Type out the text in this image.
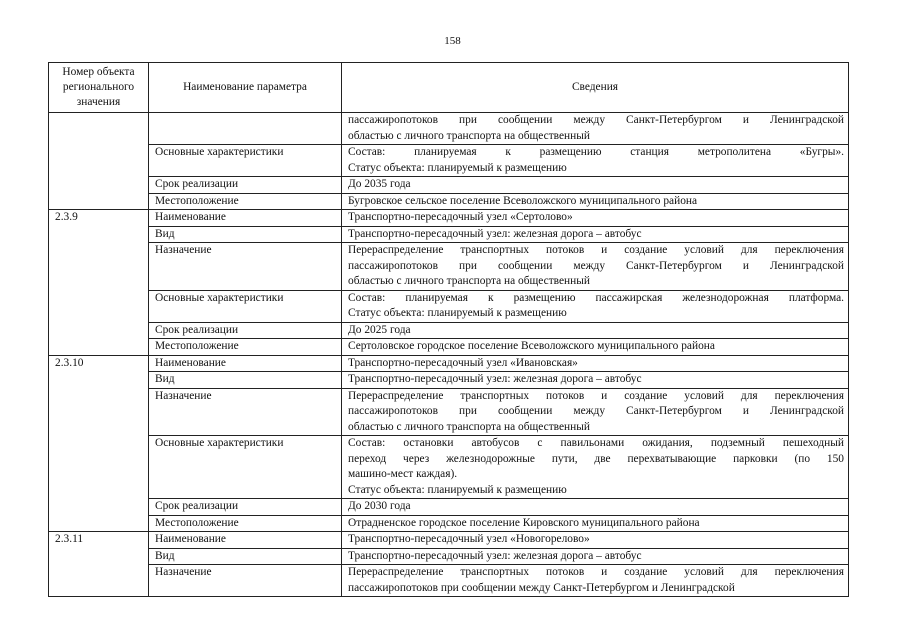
158
Номер объекта регионального значения	Наименование параметра	Сведения

		пассажиропотоков при сообщении между Санкт-Петербургом и Ленинградской
областью с личного транспорта на общественный

	Основные характеристики	Состав: планируемая к размещению станция метрополитена «Бугры».
Статус объекта: планируемый к размещению

	Срок реализации	До 2035 года

	Местоположение	Бугровское сельское поселение Всеволожского муниципального района

2.3.9	Наименование	Транспортно-пересадочный узел «Сертолово»

	Вид	Транспортно-пересадочный узел: железная дорога – автобус

	Назначение	Перераспределение транспортных потоков и создание условий для переключения
пассажиропотоков при сообщении между Санкт-Петербургом и Ленинградской
областью с личного транспорта на общественный

	Основные характеристики	Состав: планируемая к размещению пассажирская железнодорожная платформа.
Статус объекта: планируемый к размещению

	Срок реализации	До 2025 года

	Местоположение	Сертоловское городское поселение Всеволожского муниципального района

2.3.10	Наименование	Транспортно-пересадочный узел «Ивановская»

	Вид	Транспортно-пересадочный узел: железная дорога – автобус

	Назначение	Перераспределение транспортных потоков и создание условий для переключения
пассажиропотоков при сообщении между Санкт-Петербургом и Ленинградской
областью с личного транспорта на общественный

	Основные характеристики	Состав: остановки автобусов с павильонами ожидания, подземный пешеходный
переход через железнодорожные пути, две перехватывающие парковки (по 150
машино-мест каждая).
Статус объекта: планируемый к размещению

	Срок реализации	До 2030 года

	Местоположение	Отрадненское городское поселение Кировского муниципального района

2.3.11	Наименование	Транспортно-пересадочный узел «Новогорелово»

	Вид	Транспортно-пересадочный узел: железная дорога – автобус

	Назначение	Перераспределение транспортных потоков и создание условий для переключения
пассажиропотоков при сообщении между Санкт-Петербургом и Ленинградской
